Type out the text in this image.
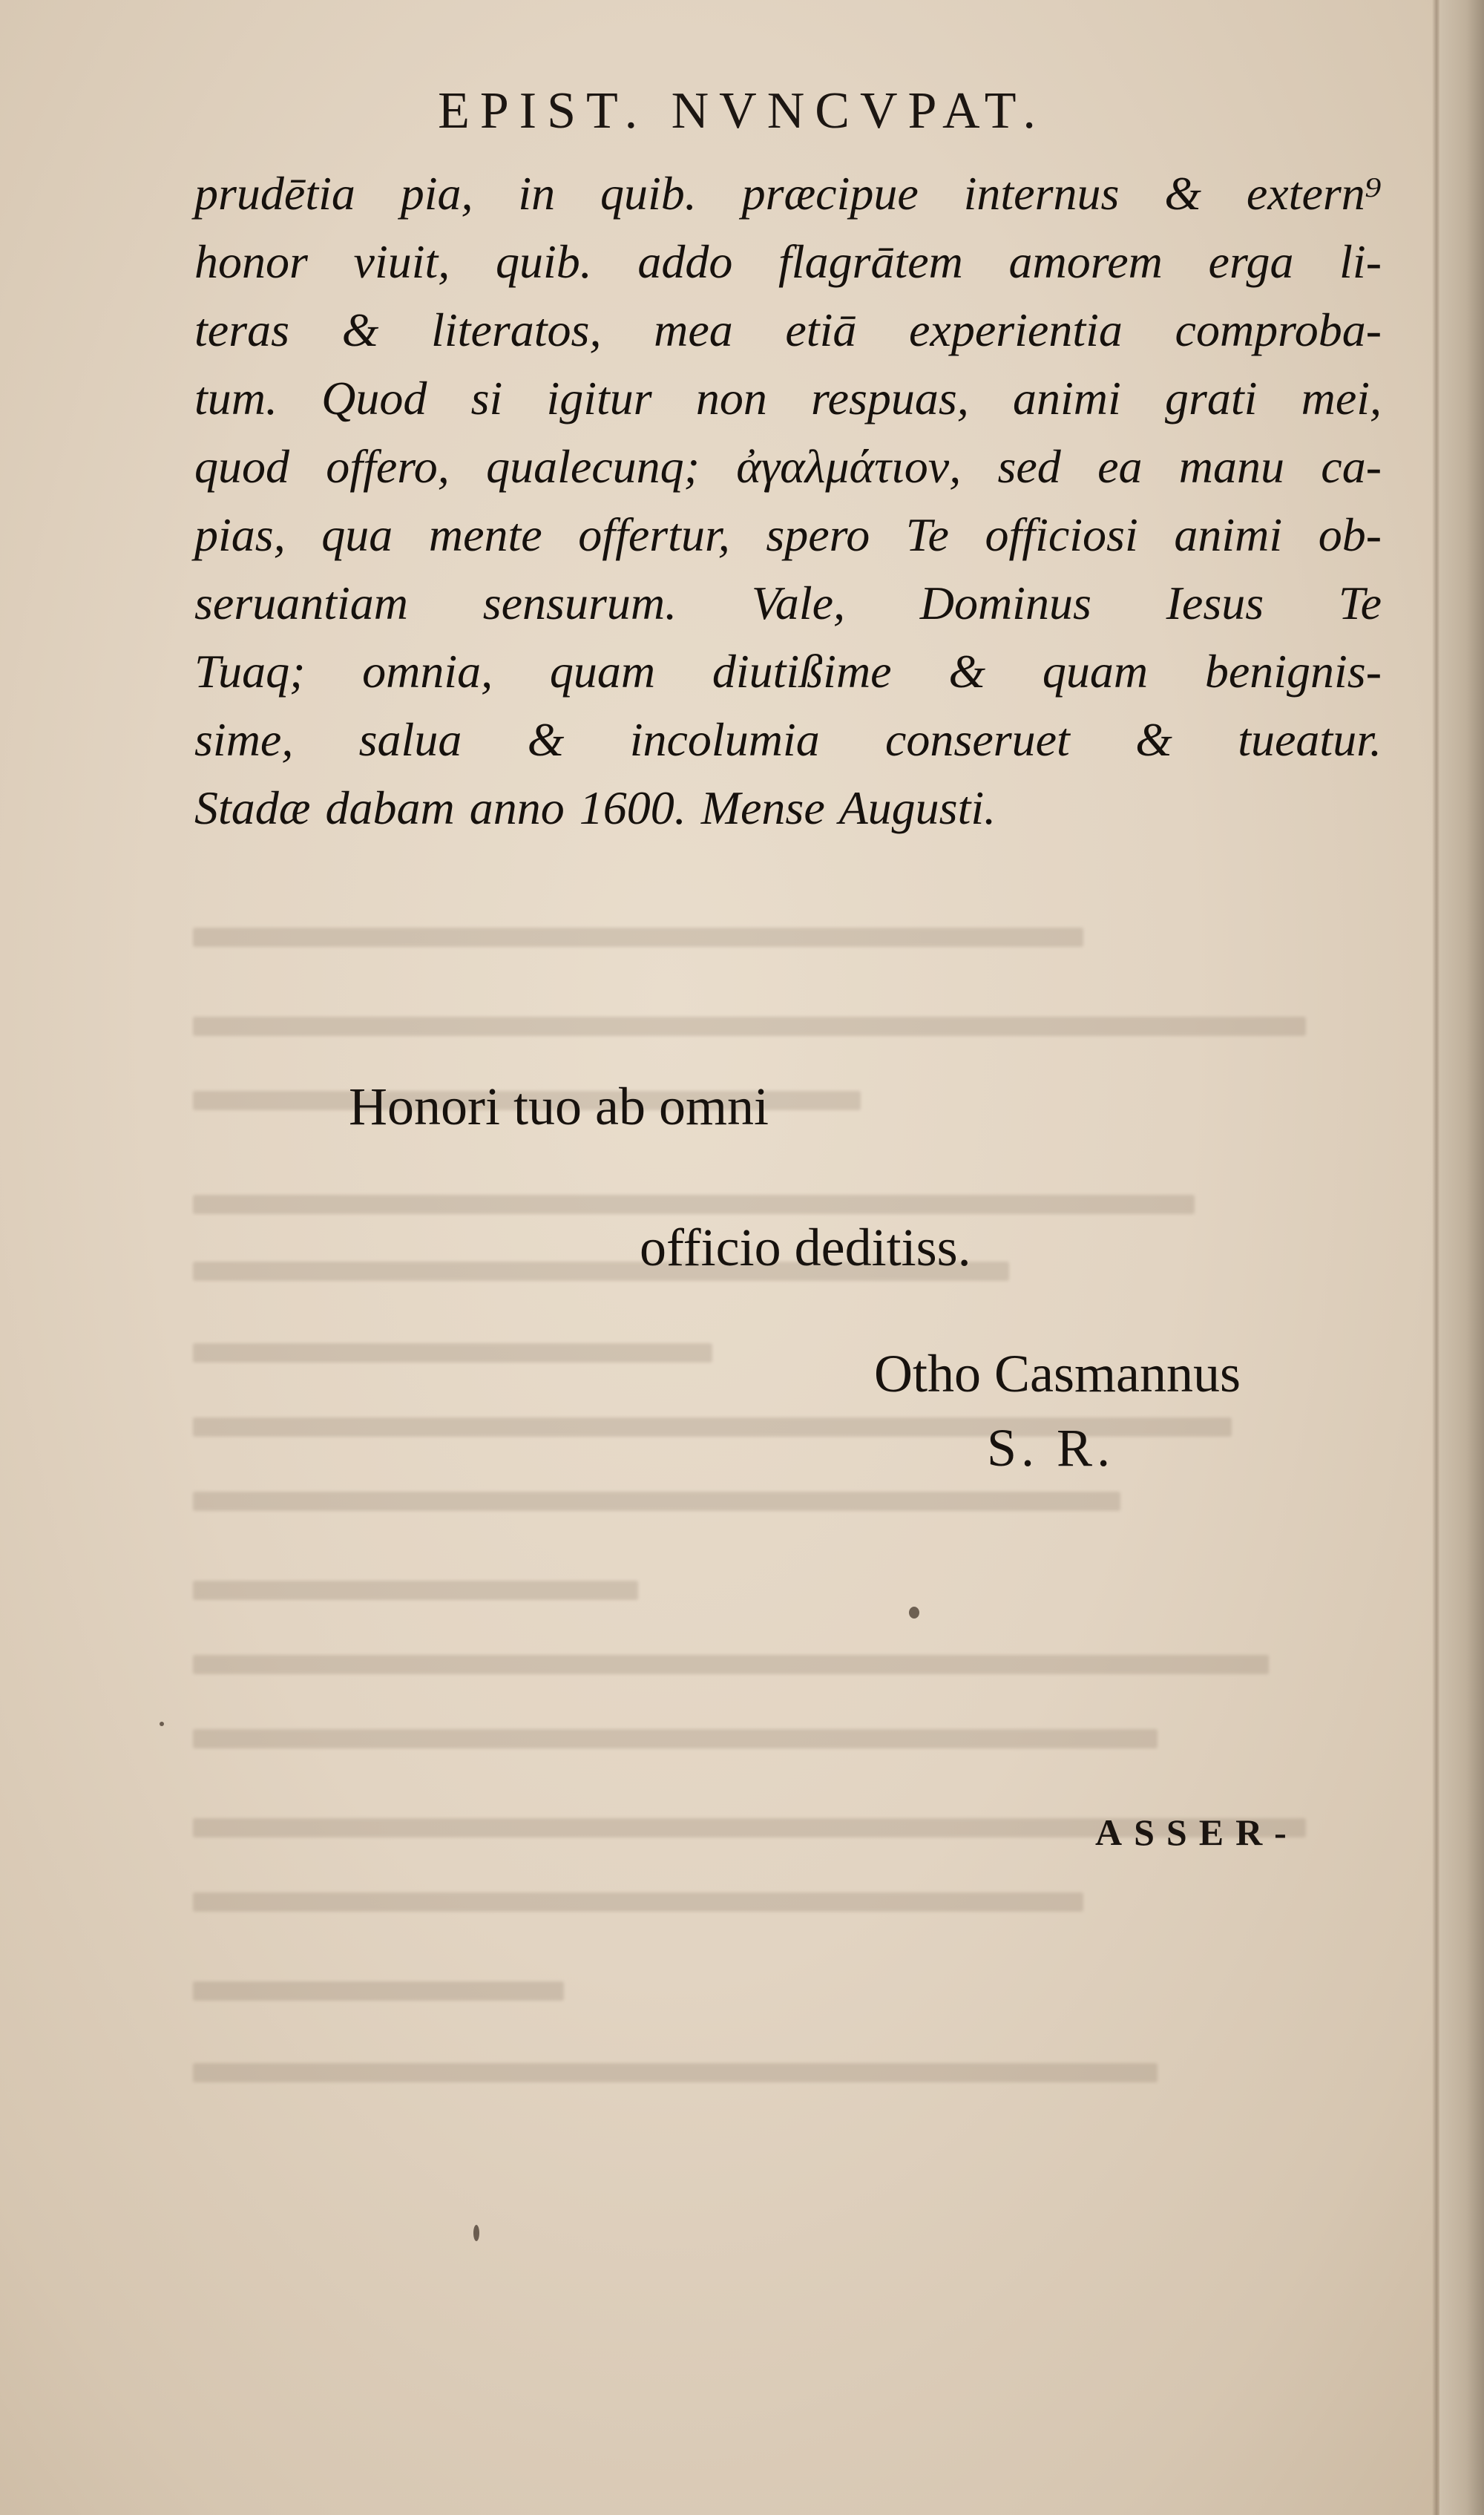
EPIST. NVNCVPAT.
prudētia pia, in quib. præcipue internus & extern⁹
honor viuit, quib. addo flagrātem amorem erga li-
teras & literatos, mea etiā experientia comproba-
tum. Quod si igitur non respuas, animi grati mei,
quod offero, qualecunq; ἀγαλμάτιον, sed ea manu ca-
pias, qua mente offertur, spero Te officiosi animi ob-
seruantiam sensurum. Vale, Dominus Iesus Te
Tuaq; omnia, quam diutißime & quam benignis-
sime, salua & incolumia conseruet & tueatur.
Stadæ dabam anno 1600. Mense Augusti.
Honori tuo ab omni
officio deditiss.
Otho Casmannus
S. R.
ASSER-
